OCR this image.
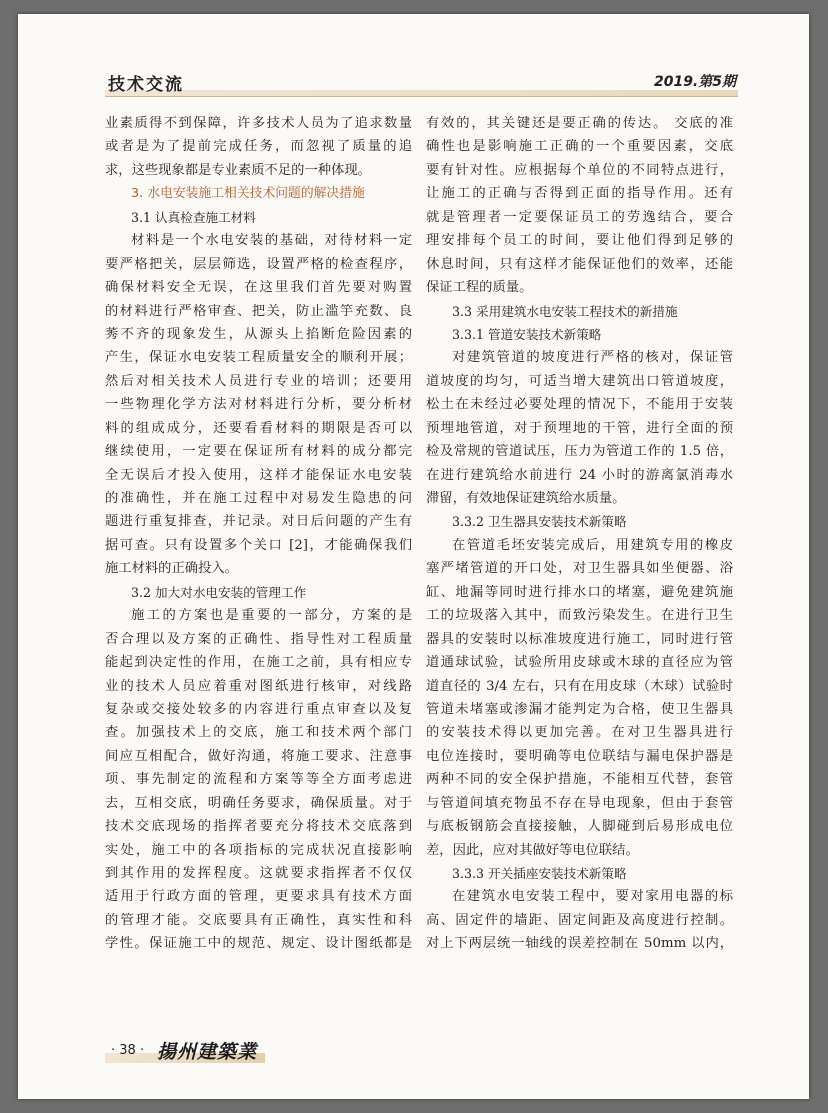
技术交流	2019.第5期
业素质得不到保障，许多技术人员为了追求数量
或者是为了提前完成任务，而忽视了质量的追
求，这些现象都是专业素质不足的一种体现。
3. 水电安装施工相关技术问题的解决措施
3.1 认真检查施工材料
材料是一个水电安装的基础，对待材料一定
要严格把关，层层筛选，设置严格的检查程序，
确保材料安全无误，在这里我们首先要对购置
的材料进行严格审查、把关，防止滥竽充数、良
莠不齐的现象发生，从源头上掐断危险因素的
产生，保证水电安装工程质量安全的顺利开展；
然后对相关技术人员进行专业的培训；还要用
一些物理化学方法对材料进行分析，要分析材
料的组成成分，还要看看材料的期限是否可以
继续使用，一定要在保证所有材料的成分都完
全无误后才投入使用，这样才能保证水电安装
的准确性，并在施工过程中对易发生隐患的问
题进行重复排查，并记录。对日后问题的产生有
据可查。只有设置多个关口 [2]，才能确保我们
施工材料的正确投入。
3.2 加大对水电安装的管理工作
施工的方案也是重要的一部分，方案的是
否合理以及方案的正确性、指导性对工程质量
能起到决定性的作用，在施工之前，具有相应专
业的技术人员应着重对图纸进行核审，对线路
复杂或交接处较多的内容进行重点审查以及复
查。加强技术上的交底，施工和技术两个部门
间应互相配合，做好沟通，将施工要求、注意事
项、事先制定的流程和方案等等全方面考虑进
去，互相交底，明确任务要求，确保质量。对于
技术交底现场的指挥者要充分将技术交底落到
实处，施工中的各项指标的完成状况直接影响
到其作用的发挥程度。这就要求指挥者不仅仅
适用于行政方面的管理，更要求具有技术方面
的管理才能。交底要具有正确性，真实性和科
学性。保证施工中的规范、规定、设计图纸都是
有效的，其关键还是要正确的传达。 交底的准
确性也是影响施工正确的一个重要因素，交底
要有针对性。应根据每个单位的不同特点进行，
让施工的正确与否得到正面的指导作用。还有
就是管理者一定要保证员工的劳逸结合，要合
理安排每个员工的时间，要让他们得到足够的
休息时间，只有这样才能保证他们的效率，还能
保证工程的质量。
3.3 采用建筑水电安装工程技术的新措施
3.3.1 管道安装技术新策略
对建筑管道的坡度进行严格的核对，保证管
道坡度的均匀，可适当增大建筑出口管道坡度，
松土在未经过必要处理的情况下，不能用于安装
预埋地管道，对于预埋地的干管，进行全面的预
检及常规的管道试压，压力为管道工作的 1.5 倍，
在进行建筑给水前进行 24 小时的游离氯消毒水
滞留，有效地保证建筑给水质量。
3.3.2 卫生器具安装技术新策略
在管道毛坯安装完成后，用建筑专用的橡皮
塞严堵管道的开口处，对卫生器具如坐便器、浴
缸、地漏等同时进行排水口的堵塞，避免建筑施
工的垃圾落入其中，而致污染发生。在进行卫生
器具的安装时以标准坡度进行施工，同时进行管
道通球试验，试验所用皮球或木球的直径应为管
道直径的 3/4 左右，只有在用皮球（木球）试验时
管道未堵塞或渗漏才能判定为合格，使卫生器具
的安装技术得以更加完善。在对卫生器具进行
电位连接时，要明确等电位联结与漏电保护器是
两种不同的安全保护措施，不能相互代替，套管
与管道间填充物虽不存在导电现象，但由于套管
与底板钢筋会直接接触，人脚碰到后易形成电位
差，因此，应对其做好等电位联结。
3.3.3 开关插座安装技术新策略
在建筑水电安装工程中，要对家用电器的标
高、固定件的墙距、固定间距及高度进行控制。
对上下两层统一轴线的误差控制在 50mm 以内，
· 38 · 揚州建築業
